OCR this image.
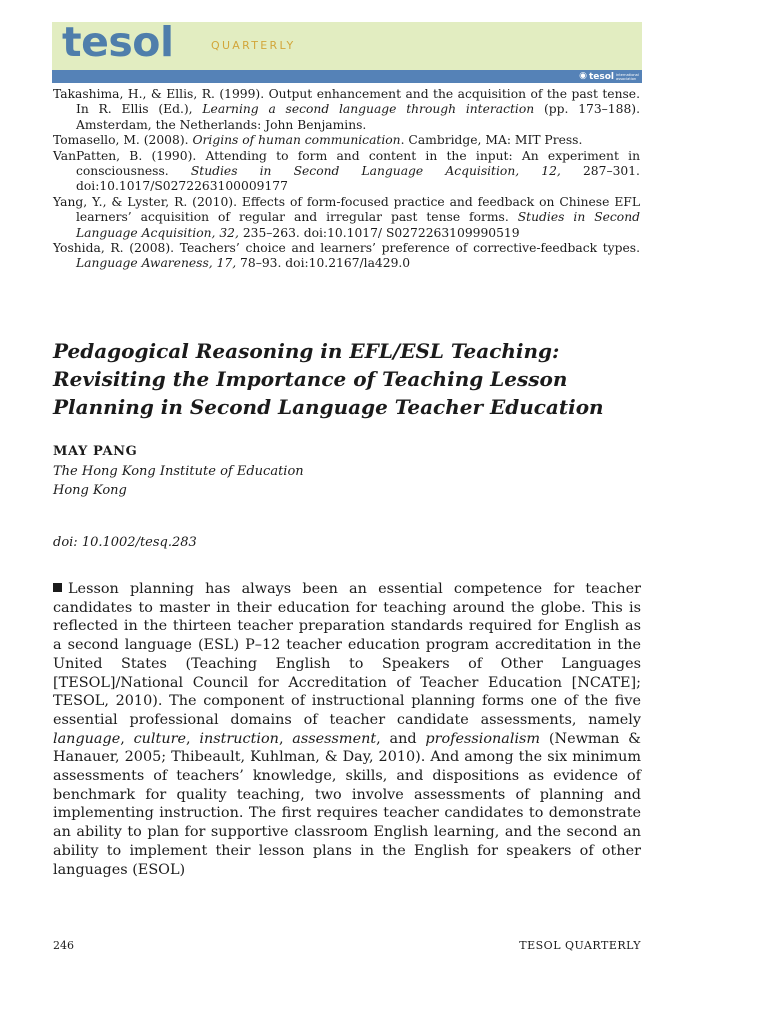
tesol	QUARTERLY
◉ tesol international association
Takashima, H., & Ellis, R. (1999). Output enhancement and the acquisition of the past tense. In R. Ellis (Ed.), Learning a second language through interaction (pp. 173–188). Amsterdam, the Netherlands: John Benjamins.
Tomasello, M. (2008). Origins of human communication. Cambridge, MA: MIT Press.
VanPatten, B. (1990). Attending to form and content in the input: An experiment in consciousness. Studies in Second Language Acquisition, 12, 287–301. doi:10.1017/S0272263100009177
Yang, Y., & Lyster, R. (2010). Effects of form-focused practice and feedback on Chinese EFL learners’ acquisition of regular and irregular past tense forms. Studies in Second Language Acquisition, 32, 235–263. doi:10.1017/ S0272263109990519
Yoshida, R. (2008). Teachers’ choice and learners’ preference of corrective-feedback types. Language Awareness, 17, 78–93. doi:10.2167/la429.0
Pedagogical Reasoning in EFL/ESL Teaching: Revisiting the Importance of Teaching Lesson Planning in Second Language Teacher Education
MAY PANG
The Hong Kong Institute of Education
Hong Kong
doi: 10.1002/tesq.283

Lesson planning has always been an essential competence for teacher candidates to master in their education for teaching around the globe. This is reflected in the thirteen teacher preparation standards required for English as a second language (ESL) P–12 teacher education program accreditation in the United States (Teaching English to Speakers of Other Languages [TESOL]/National Council for Accreditation of Teacher Education [NCATE]; TESOL, 2010). The component of instructional planning forms one of the five essential professional domains of teacher candidate assessments, namely language, culture, instruction, assessment, and professionalism (Newman & Hanauer, 2005; Thibeault, Kuhlman, & Day, 2010). And among the six minimum assessments of teachers’ knowledge, skills, and dispositions as evidence of benchmark for quality teaching, two involve assessments of planning and implementing instruction. The first requires teacher candidates to demonstrate an ability to plan for supportive classroom English learning, and the second an ability to implement their lesson plans in the English for speakers of other languages (ESOL)

246	TESOL QUARTERLY
